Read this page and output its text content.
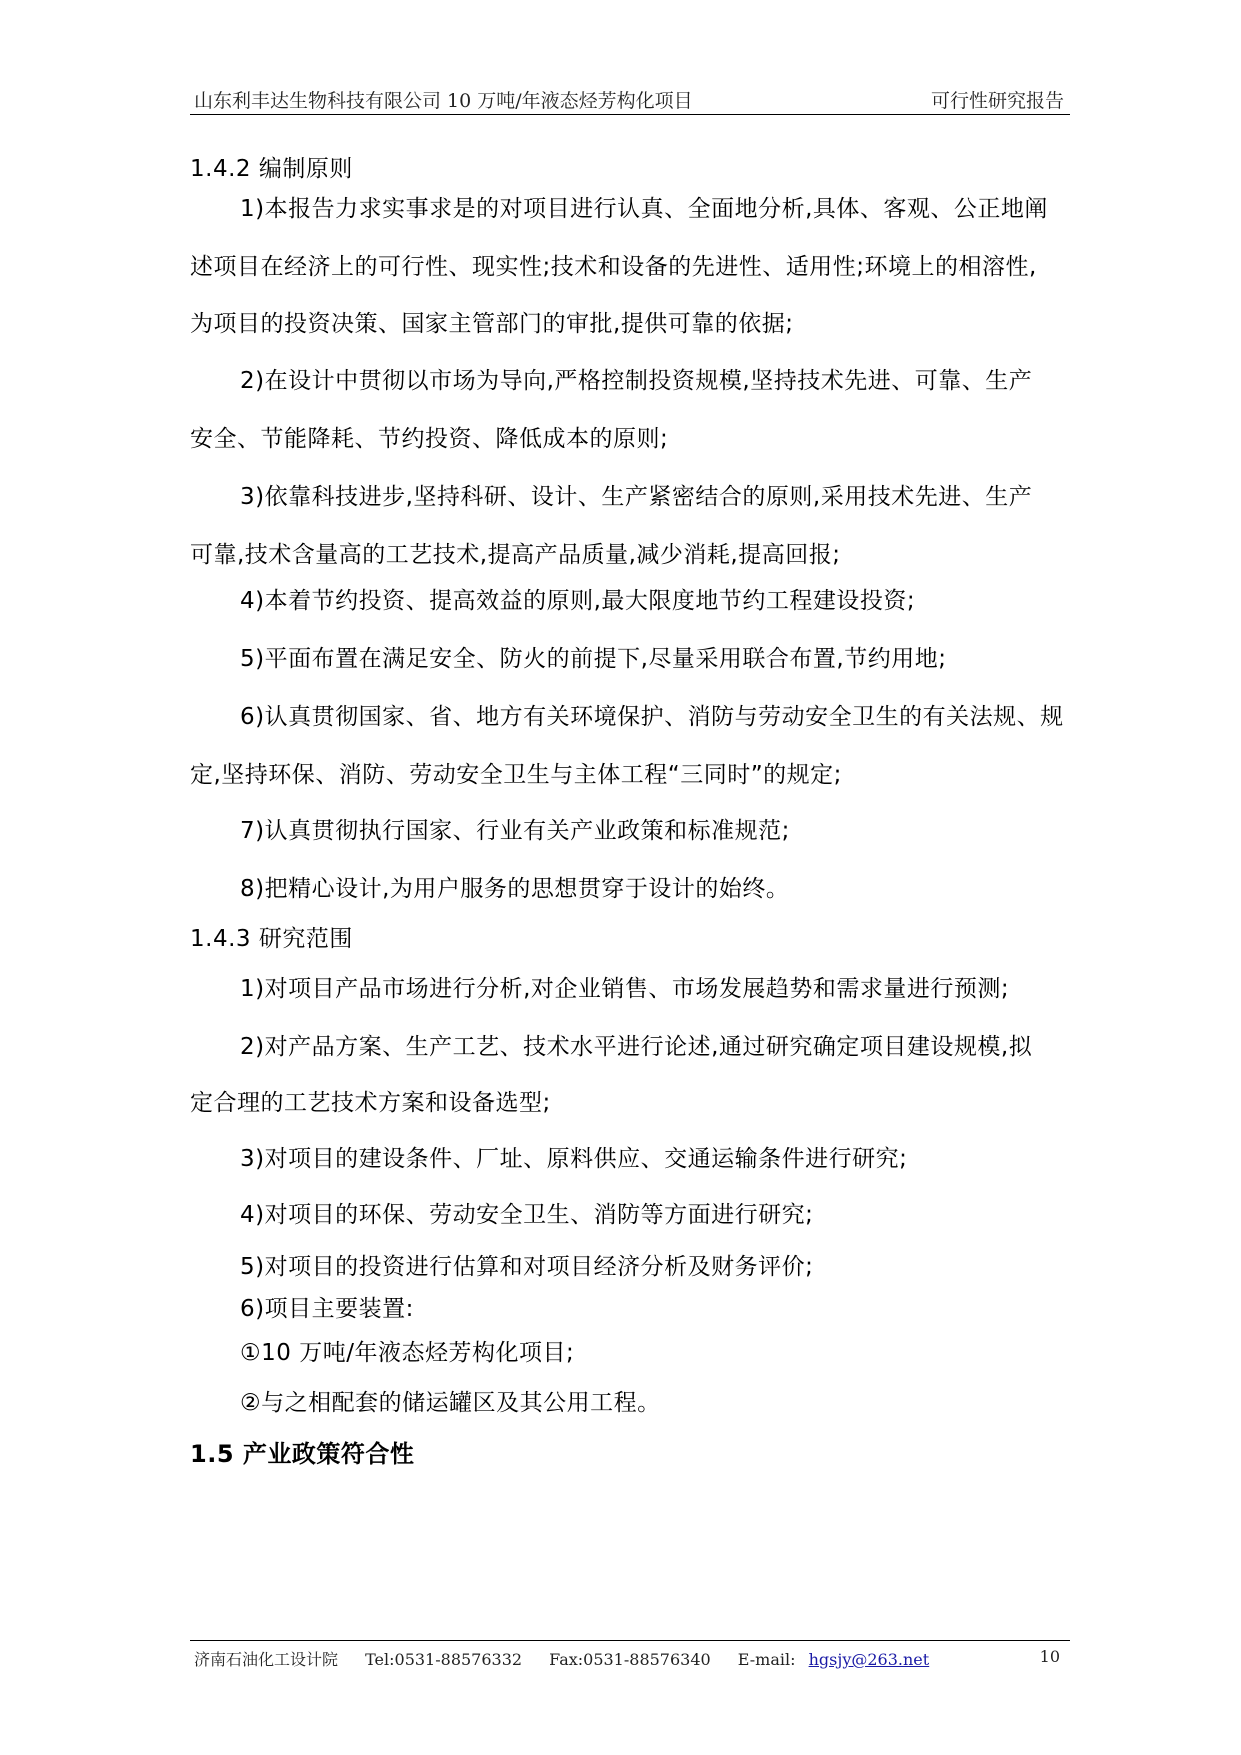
山东利丰达生物科技有限公司 10 万吨/年液态烃芳构化项目	可行性研究报告
1.4.2 编制原则
1)本报告力求实事求是的对项目进行认真、全面地分析,具体、客观、公正地阐
述项目在经济上的可行性、现实性;技术和设备的先进性、适用性;环境上的相溶性,
为项目的投资决策、国家主管部门的审批,提供可靠的依据;
2)在设计中贯彻以市场为导向,严格控制投资规模,坚持技术先进、可靠、生产
安全、节能降耗、节约投资、降低成本的原则;
3)依靠科技进步,坚持科研、设计、生产紧密结合的原则,采用技术先进、生产
可靠,技术含量高的工艺技术,提高产品质量,减少消耗,提高回报;
4)本着节约投资、提高效益的原则,最大限度地节约工程建设投资;
5)平面布置在满足安全、防火的前提下,尽量采用联合布置,节约用地;
6)认真贯彻国家、省、地方有关环境保护、消防与劳动安全卫生的有关法规、规
定,坚持环保、消防、劳动安全卫生与主体工程“三同时”的规定;
7)认真贯彻执行国家、行业有关产业政策和标准规范;
8)把精心设计,为用户服务的思想贯穿于设计的始终。
1.4.3 研究范围
1)对项目产品市场进行分析,对企业销售、市场发展趋势和需求量进行预测;
2)对产品方案、生产工艺、技术水平进行论述,通过研究确定项目建设规模,拟
定合理的工艺技术方案和设备选型;
3)对项目的建设条件、厂址、原料供应、交通运输条件进行研究;
4)对项目的环保、劳动安全卫生、消防等方面进行研究;
5)对项目的投资进行估算和对项目经济分析及财务评价;
6)项目主要装置:
①10 万吨/年液态烃芳构化项目;
②与之相配套的储运罐区及其公用工程。
1.5 产业政策符合性
济南石油化工设计院 Tel:0531-88576332 Fax:0531-88576340 E-mail: hgsjy@263.net	10
